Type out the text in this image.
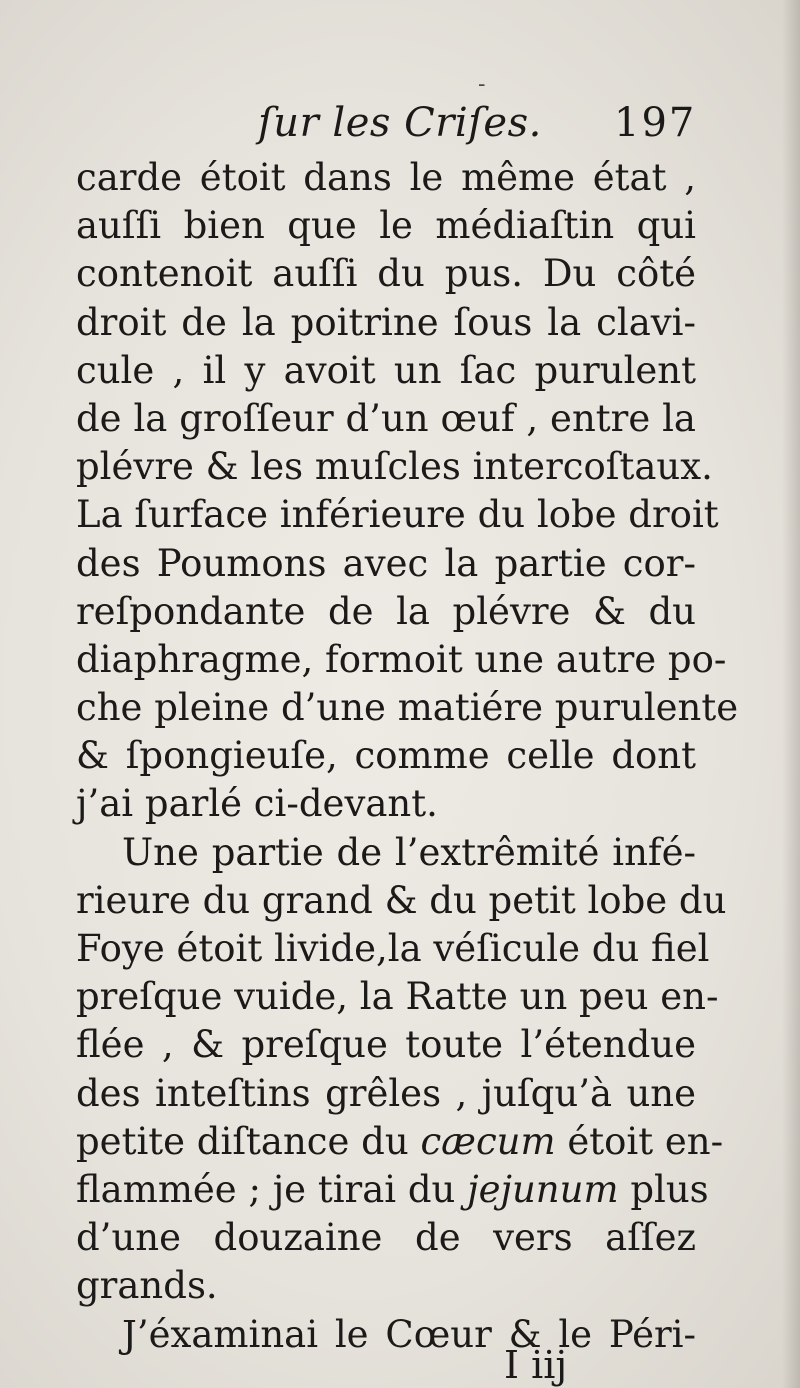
-
ſur les Criſes. 197
carde étoit dans le même état ,
auſſi bien que le médiaſtin qui
contenoit auſſi du pus. Du côté
droit de la poitrine ſous la clavi-
cule , il y avoit un ſac purulent
de la groſſeur d’un œuf , entre la
plévre & les muſcles intercoſtaux.
La ſurface inférieure du lobe droit
des Poumons avec la partie cor-
reſpondante de la plévre & du
diaphragme, formoit une autre po-
che pleine d’une matiére purulente
& ſpongieuſe, comme celle dont
j’ai parlé ci-devant.
Une partie de l’extrêmité infé-
rieure du grand & du petit lobe du
Foye étoit livide,la véſicule du fiel
preſque vuide, la Ratte un peu en-
flée , & preſque toute l’étendue
des inteſtins grêles , juſqu’à une
petite diſtance du cæcum étoit en-
flammée ; je tirai du jejunum plus
d’une douzaine de vers aſſez
grands.
J’éxaminai le Cœur & le Péri-
I iij
